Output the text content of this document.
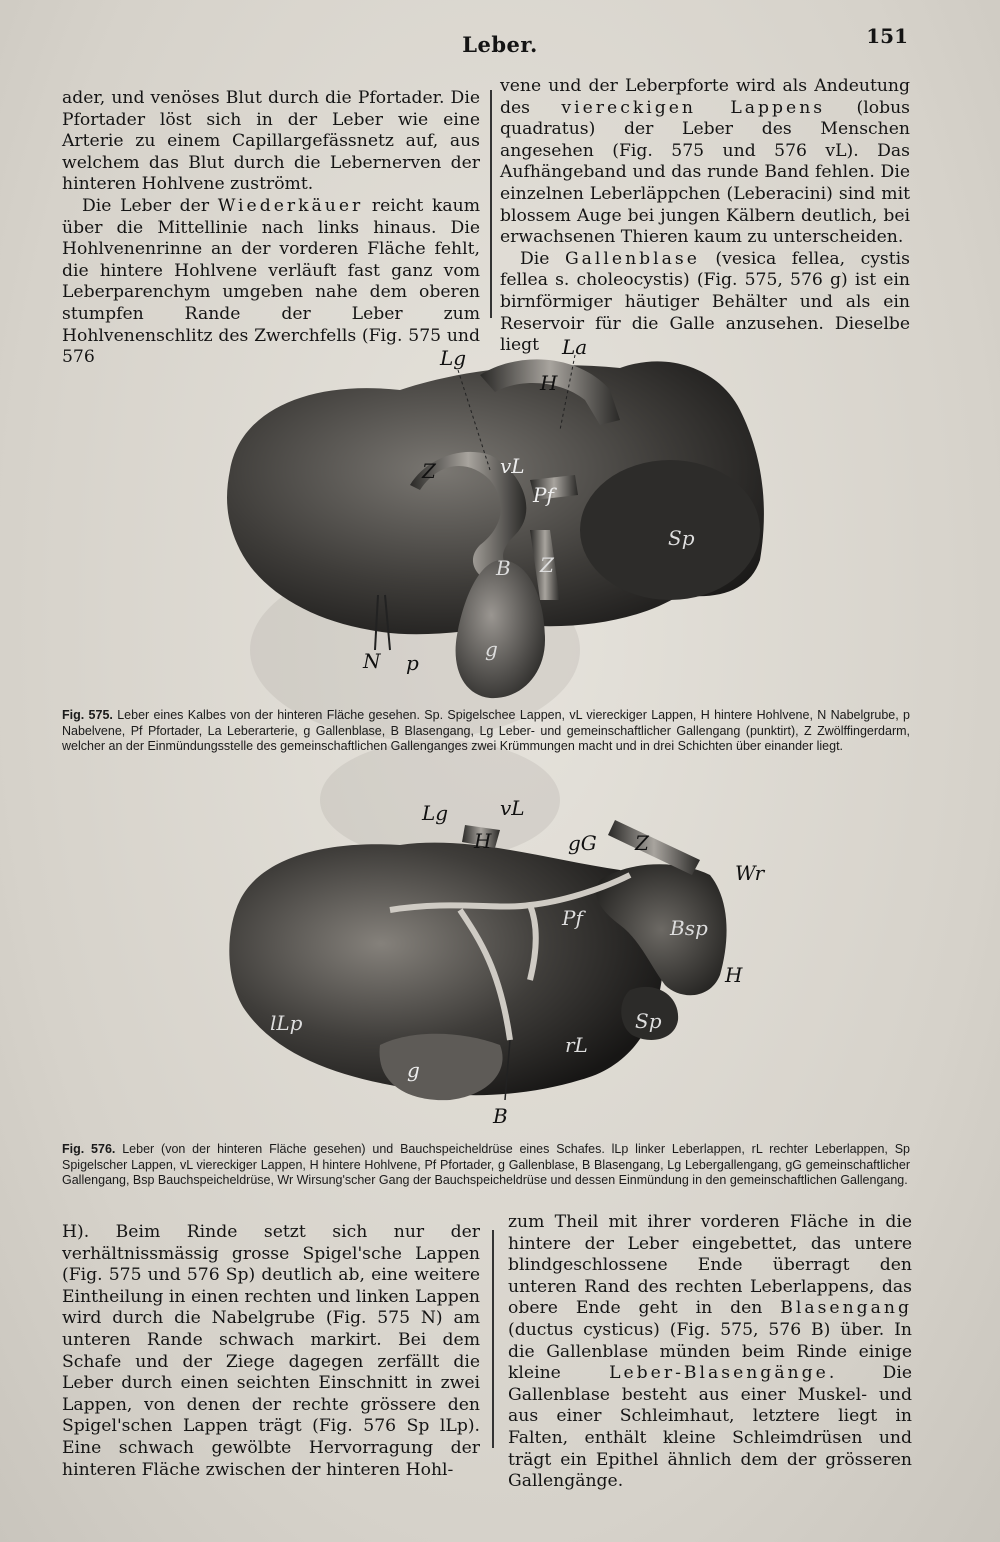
Leber.	151

ader, und venöses Blut durch die Pfortader. Die Pfortader löst sich in der Leber wie eine Arterie zu einem Capillargefässnetz auf, aus welchem das Blut durch die Lebernerven der hinteren Hohlvene zuströmt.

Die Leber der Wiederkäuer reicht kaum über die Mittellinie nach links hinaus. Die Hohlvenenrinne an der vorderen Fläche fehlt, die hintere Hohlvene verläuft fast ganz vom Leberparenchym umgeben nahe dem oberen stumpfen Rande der Leber zum Hohlvenenschlitz des Zwerchfells (Fig. 575 und 576

vene und der Leberpforte wird als Andeutung des viereckigen Lappens (lobus quadratus) der Leber des Menschen angesehen (Fig. 575 und 576 vL). Das Aufhängeband und das runde Band fehlen. Die einzelnen Leberläppchen (Leberacini) sind mit blossem Auge bei jungen Kälbern deutlich, bei erwachsenen Thieren kaum zu unterscheiden.

Die Gallenblase (vesica fellea, cystis fellea s. choleocystis) (Fig. 575, 576 g) ist ein birnförmiger häutiger Behälter und als ein Reservoir für die Galle anzusehen. Dieselbe liegt

Lg	La
H
Z	vL
Pf
Sp
B Z
N p
g
Fig. 575. Leber eines Kalbes von der hinteren Fläche gesehen. Sp. Spigelschee Lappen, vL viereckiger Lappen, H hintere Hohlvene, N Nabelgrube, p Nabelvene, Pf Pfortader, La Leberarterie, g Gallenblase, B Blasengang, Lg Leber- und gemeinschaftlicher Gallengang (punktirt), Z Zwölffingerdarm, welcher an der Einmündungsstelle des gemeinschaftlichen Gallenganges zwei Krümmungen macht und in drei Schichten über einander liegt.
Lg	vL
H	gG Z
Wr
Pf	Bsp
lLp	Sp
rL
g
B
H
Fig. 576. Leber (von der hinteren Fläche gesehen) und Bauchspeicheldrüse eines Schafes. lLp linker Leberlappen, rL rechter Leberlappen, Sp Spigelscher Lappen, vL viereckiger Lappen, H hintere Hohlvene, Pf Pfortader, g Gallenblase, B Blasengang, Lg Lebergallengang, gG gemeinschaftlicher Gallengang, Bsp Bauchspeicheldrüse, Wr Wirsung'scher Gang der Bauchspeicheldrüse und dessen Einmündung in den gemeinschaftlichen Gallengang.

H). Beim Rinde setzt sich nur der verhältnissmässig grosse Spigel'sche Lappen (Fig. 575 und 576 Sp) deutlich ab, eine weitere Eintheilung in einen rechten und linken Lappen wird durch die Nabelgrube (Fig. 575 N) am unteren Rande schwach markirt. Bei dem Schafe und der Ziege dagegen zerfällt die Leber durch einen seichten Einschnitt in zwei Lappen, von denen der rechte grössere den Spigel'schen Lappen trägt (Fig. 576 Sp lLp). Eine schwach gewölbte Hervorragung der hinteren Fläche zwischen der hinteren Hohl-

zum Theil mit ihrer vorderen Fläche in die hintere der Leber eingebettet, das untere blindgeschlossene Ende überragt den unteren Rand des rechten Leberlappens, das obere Ende geht in den Blasengang (ductus cysticus) (Fig. 575, 576 B) über. In die Gallenblase münden beim Rinde einige kleine Leber-Blasengänge. Die Gallenblase besteht aus einer Muskel- und aus einer Schleimhaut, letztere liegt in Falten, enthält kleine Schleimdrüsen und trägt ein Epithel ähnlich dem der grösseren Gallengänge.
